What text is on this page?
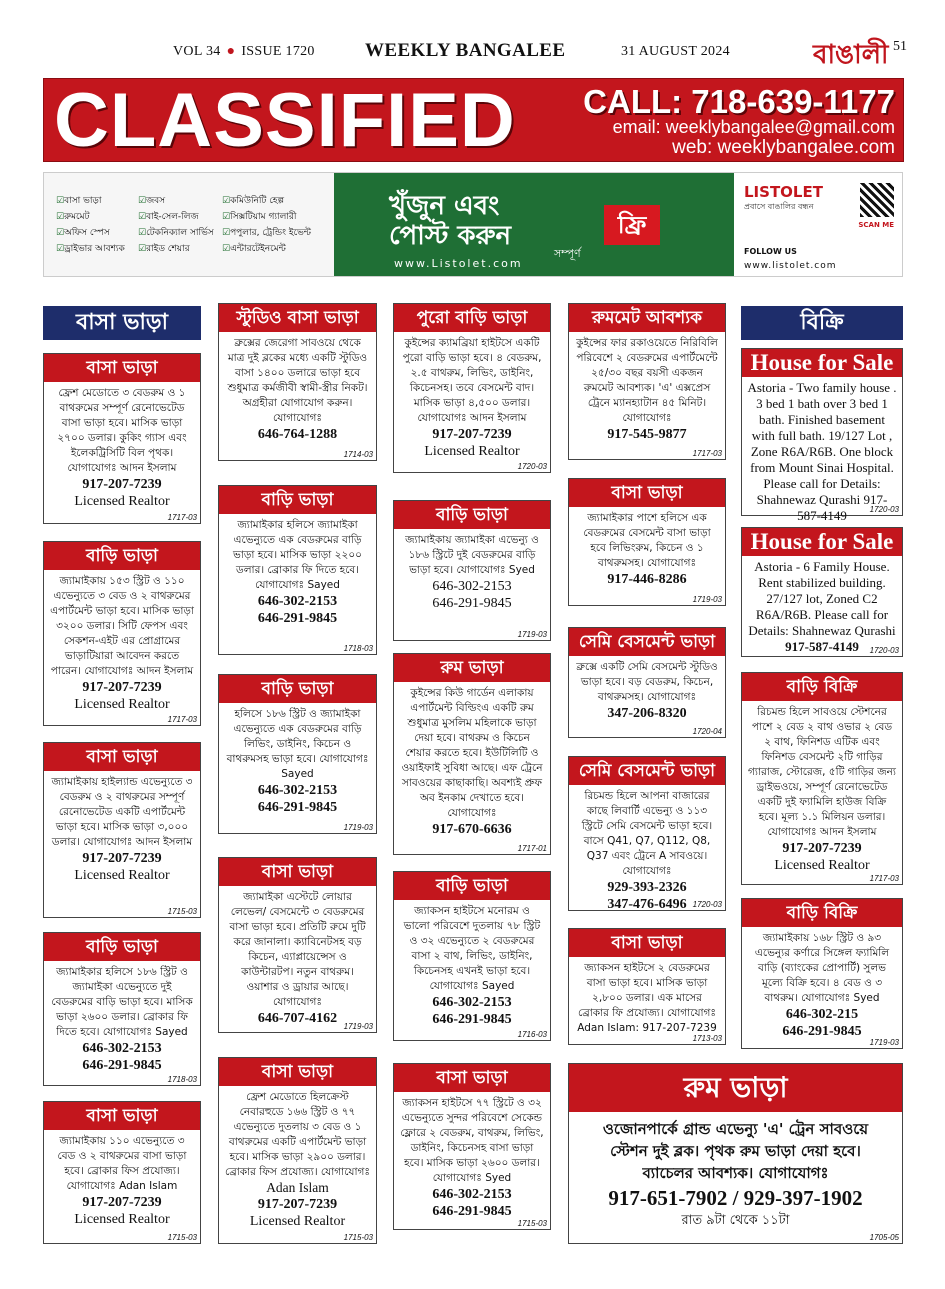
VOL 34 ● ISSUE 1720	WEEKLY BANGALEE	31 AUGUST 2024	বাঙালী 51
CLASSIFIED CALL: 718-639-1177
email: weeklybangalee@gmail.com
web: weeklybangalee.com
☑ বাসা ভাড়া
☑ রুমমেট
☑ অফিস স্পেস
☑ ড্রাইভার আবশ্যক
☑ জবস
☑ বাই-সেল-লিজ
☑ টেকনিক্যাল সার্ভিস
☑ রাইড শেয়ার
☑ কমিউনিটি হেল্প
☑ সিক্সটিয়াম গ্যালারী
☑ পপুলার, ট্রেন্ডিং ইভেন্ট
☑ এন্টারটেইনমেন্ট
খুঁজুন এবং
পোস্ট করুন
সম্পূর্ণ
ফ্রি
www.Listolet.com
LISTOLET
প্রবাসে বাঙালির বন্ধন
SCAN ME
FOLLOW US
www.listolet.com
বাসা ভাড়া	বিক্রি
বাসা ভাড়া
ফ্রেশ মেডোতে ৩ বেডরুম ও ১ বাথরুমের সম্পূর্ণ রেনোভেটেড বাসা ভাড়া হবে। মাসিক ভাড়া ২৭০০ ডলার। কুকিং গ্যাস এবং ইলেকট্রিসিটি বিল পৃথক। যোগাযোগঃ আদন ইসলাম
917-207-7239
Licensed Realtor
1717-03
বাড়ি ভাড়া
জ্যামাইকায় ১৫৩ স্ট্রিট ও ১১০ এভেন্যুতে ৩ বেড ও ২ বাথরুমের এপার্টমেন্ট ভাড়া হবে। মাসিক ভাড়া ৩২০০ ডলার। সিটি ফেপস এবং সেকশন-এইট এর প্রোগ্রামের ভাড়াটিয়ারা আবেদন করতে পারেন। যোগাযোগঃ আদন ইসলাম
917-207-7239
Licensed Realtor
1717-03
বাসা ভাড়া
জ্যামাইকায় হাইল্যান্ড এভেন্যুতে ৩ বেডরুম ও ২ বাথরুমের সম্পূর্ণ রেনোভেটেড একটি এপার্টমেন্ট ভাড়া হবে। মাসিক ভাড়া ৩,০০০ ডলার। যোগাযোগঃ আদন ইসলাম
917-207-7239
Licensed Realtor
1715-03
বাড়ি ভাড়া
জ্যামাইকার হলিসে ১৮৬ স্ট্রিট ও জ্যামাইকা এভেন্যুতে দুই বেডরুমের বাড়ি ভাড়া হবে। মাসিক ভাড়া ২৬০০ ডলার। ব্রোকার ফি দিতে হবে। যোগাযোগঃ Sayed
646-302-2153
646-291-9845
1718-03
বাসা ভাড়া
জ্যামাইকায় ১১০ এভেন্যুতে ৩ বেড ও ২ বাথরুমের বাসা ভাড়া হবে। ব্রোকার ফিস প্রযোজ্য। যোগাযোগঃ Adan Islam
917-207-7239
Licensed Realtor
1715-03
স্টুডিও বাসা ভাড়া
ব্রুক্সের জেরেগা সাবওয়ে থেকে মাত্র দুই ব্লকের মধ্যে একটি স্টুডিও বাসা ১৪০০ ডলারে ভাড়া হবে শুধুমাত্র কর্মজীবী স্বামী-স্ত্রীর নিকট। অগ্রহীরা যোগাযোগ করুন। যোগাযোগঃ
646-764-1288
1714-03
বাড়ি ভাড়া
জ্যামাইকার হলিসে জ্যামাইকা এভেন্যুতে এক বেডরুমের বাড়ি ভাড়া হবে। মাসিক ভাড়া ২২০০ ডলার। ব্রোকার ফি দিতে হবে। যোগাযোগঃ Sayed
646-302-2153
646-291-9845
1718-03
বাড়ি ভাড়া
হলিসে ১৮৬ স্ট্রিট ও জ্যামাইকা এভেন্যুতে এক বেডরুমের বাড়ি লিভিং, ডাইনিং, কিচেন ও বাথরুমসহ ভাড়া হবে। যোগাযোগঃ Sayed
646-302-2153
646-291-9845
1719-03
বাসা ভাড়া
জ্যামাইকা এস্টেটে লোয়ার লেভেল/ বেসমেন্টে ৩ বেডরুমের বাসা ভাড়া হবে। প্রতিটি রুমে দুটি করে জানালা। ক্যাবিনেটসহ বড় কিচেন, এ্যাপ্লায়েন্সেস ও কাউন্টারটপ। নতুন বাথরুম। ওয়াশার ও ড্রায়ার আছে। যোগাযোগঃ
646-707-4162
1719-03
বাসা ভাড়া
ফ্রেশ মেডোতে হিলক্রেস্ট নেবারহুডে ১৬৬ স্ট্রিট ও ৭৭ এভেন্যুতে দুতলায় ৩ বেড ও ১ বাথরুমের একটি এপার্টমেন্ট ভাড়া হবে। মাসিক ভাড়া ২৯০০ ডলার। ব্রোকার ফিস প্রযোজ্য। যোগাযোগঃ
Adan Islam
917-207-7239
Licensed Realtor
1715-03
পুরো বাড়ি ভাড়া
কুইন্সের ক্যামব্রিয়া হাইটসে একটি পুরো বাড়ি ভাড়া হবে। ৪ বেডরুম, ২.৫ বাথরুম, লিভিং, ডাইনিং, কিচেনসহ। তবে বেসমেন্ট বাদ। মাসিক ভাড়া ৪,৫০০ ডলার। যোগাযোগঃ আদন ইসলাম
917-207-7239
Licensed Realtor
1720-03
বাড়ি ভাড়া
জ্যামাইকায় জ্যামাইকা এভেন্যু ও ১৮৬ স্ট্রিটে দুই বেডরুমের বাড়ি ভাড়া হবে। যোগাযোগঃ Syed
646-302-2153
646-291-9845
1719-03
রুম ভাড়া
কুইন্সের কিউ গার্ডেন এলাকায় এপার্টমেন্ট বিল্ডিংএ একটি রুম শুধুমাত্র মুসলিম মহিলাকে ভাড়া দেয়া হবে। বাথরুম ও কিচেন শেয়ার করতে হবে। ইউটিলিটি ও ওয়াইফাই সুবিধা আছে। এফ ট্রেনে সাবওয়ের কাছাকাছি। অবশ্যই প্রুফ অব ইনকাম দেখাতে হবে। যোগাযোগঃ
917-670-6636
1717-01
বাড়ি ভাড়া
জ্যাকসন হাইটসে মনোরম ও ভালো পরিবেশে দুতলায় ৭৮ স্ট্রিট ও ৩২ এভেন্যুতে ২ বেডরুমের বাসা ২ বাথ, লিভিং, ডাইনিং, কিচেনসহ এখনই ভাড়া হবে। যোগাযোগঃ Sayed
646-302-2153
646-291-9845
1716-03
বাসা ভাড়া
জ্যাকসন হাইটসে ৭৭ স্ট্রিটে ও ৩২ এভেন্যুতে সুন্দর পরিবেশে সেকেন্ড ফ্লোরে ২ বেডরুম, বাথরুম, লিভিং, ডাইনিং, কিচেনসহ বাসা ভাড়া হবে। মাসিক ভাড়া ২৬০০ ডলার। যোগাযোগঃ Syed
646-302-2153
646-291-9845
1715-03
রুমমেট আবশ্যক
কুইন্সের ফার রকাওয়েতে নিরিবিলি পরিবেশে ২ বেডরুমের এপার্টমেন্টে ২৫/৩০ বছর বয়সী একজন রুমমেট আবশ্যক। 'এ' এক্সপ্রেস ট্রেনে ম্যানহ্যাটান ৪৫ মিনিট। যোগাযোগঃ
917-545-9877
1717-03
বাসা ভাড়া
জ্যামাইকার পাশে হলিসে এক বেডরুমের বেসমেন্ট বাসা ভাড়া হবে লিভিংরুম, কিচেন ও ১ বাথরুমসহ। যোগাযোগঃ
917-446-8286
1719-03
সেমি বেসমেন্ট ভাড়া
ব্রুক্সে একটি সেমি বেসমেন্ট স্টুডিও ভাড়া হবে। বড় বেডরুম, কিচেন, বাথরুমসহ। যোগাযোগঃ
347-206-8320
1720-04
সেমি বেসমেন্ট ভাড়া
রিচমন্ড হিলে আপনা বাজারের কাছে লিবার্টি এভেন্যু ও ১১৩ স্ট্রিটে সেমি বেসমেন্ট ভাড়া হবে। বাসে Q41, Q7, Q112, Q8, Q37 এবং ট্রেনে A সাবওয়ে। যোগাযোগঃ
929-393-2326
347-476-6496 1720-03
বাসা ভাড়া
জ্যাকসন হাইটসে ২ বেডরুমের বাসা ভাড়া হবে। মাসিক ভাড়া ২,৮০০ ডলার। এক মাসের ব্রোকার ফি প্রযোজ্য। যোগাযোগঃ Adan Islam: 917-207-7239
1713-03
House for Sale
Astoria - Two family house . 3 bed 1 bath over 3 bed 1 bath. Finished basement with full bath. 19/127 Lot , Zone R6A/R6B. One block from Mount Sinai Hospital. Please call for Details: Shahnewaz Qurashi 917-587-4149	1720-03
House for Sale
Astoria - 6 Family House. Rent stabilized building. 27/127 lot, Zoned C2 R6A/R6B. Please call for Details: Shahnewaz Qurashi
917-587-4149	1720-03
বাড়ি বিক্রি
রিচমন্ড হিলে সাবওয়ে স্টেশনের পাশে ২ বেড ২ বাথ ওভার ২ বেড ২ বাথ, ফিনিশড এটিক এবং ফিনিশড বেসমেন্ট ২টি গাড়ির গ্যারাজ, স্টোরেজ, ৫টি গাড়ির জন্য ড্রাইভওয়ে, সম্পূর্ণ রেনোভেটেড একটি দুই ফ্যামিলি হাউজ বিক্রি হবে। মূল্য ১.১ মিলিয়ন ডলার। যোগাযোগঃ আদন ইসলাম
917-207-7239
Licensed Realtor
1717-03
বাড়ি বিক্রি
জ্যামাইকায় ১৬৮ স্ট্রিট ও ৯৩ এভেন্যুর কর্ণারে সিঙ্গেল ফ্যামিলি বাড়ি (ব্যাংকের প্রোপার্টি) সুলভ মূল্যে বিক্রি হবে। ৪ বেড ও ৩ বাথরুম। যোগাযোগঃ Syed
646-302-215
646-291-9845
1719-03
রুম ভাড়া
ওজোনপার্কে গ্রান্ড এভেন্যু 'এ' ট্রেন সাবওয়ে
স্টেশন দুই ব্লক। পৃথক রুম ভাড়া দেয়া হবে।
ব্যাচেলর আবশ্যক। যোগাযোগঃ
917-651-7902 / 929-397-1902
রাত ৯টা থেকে ১১টা
1705-05
